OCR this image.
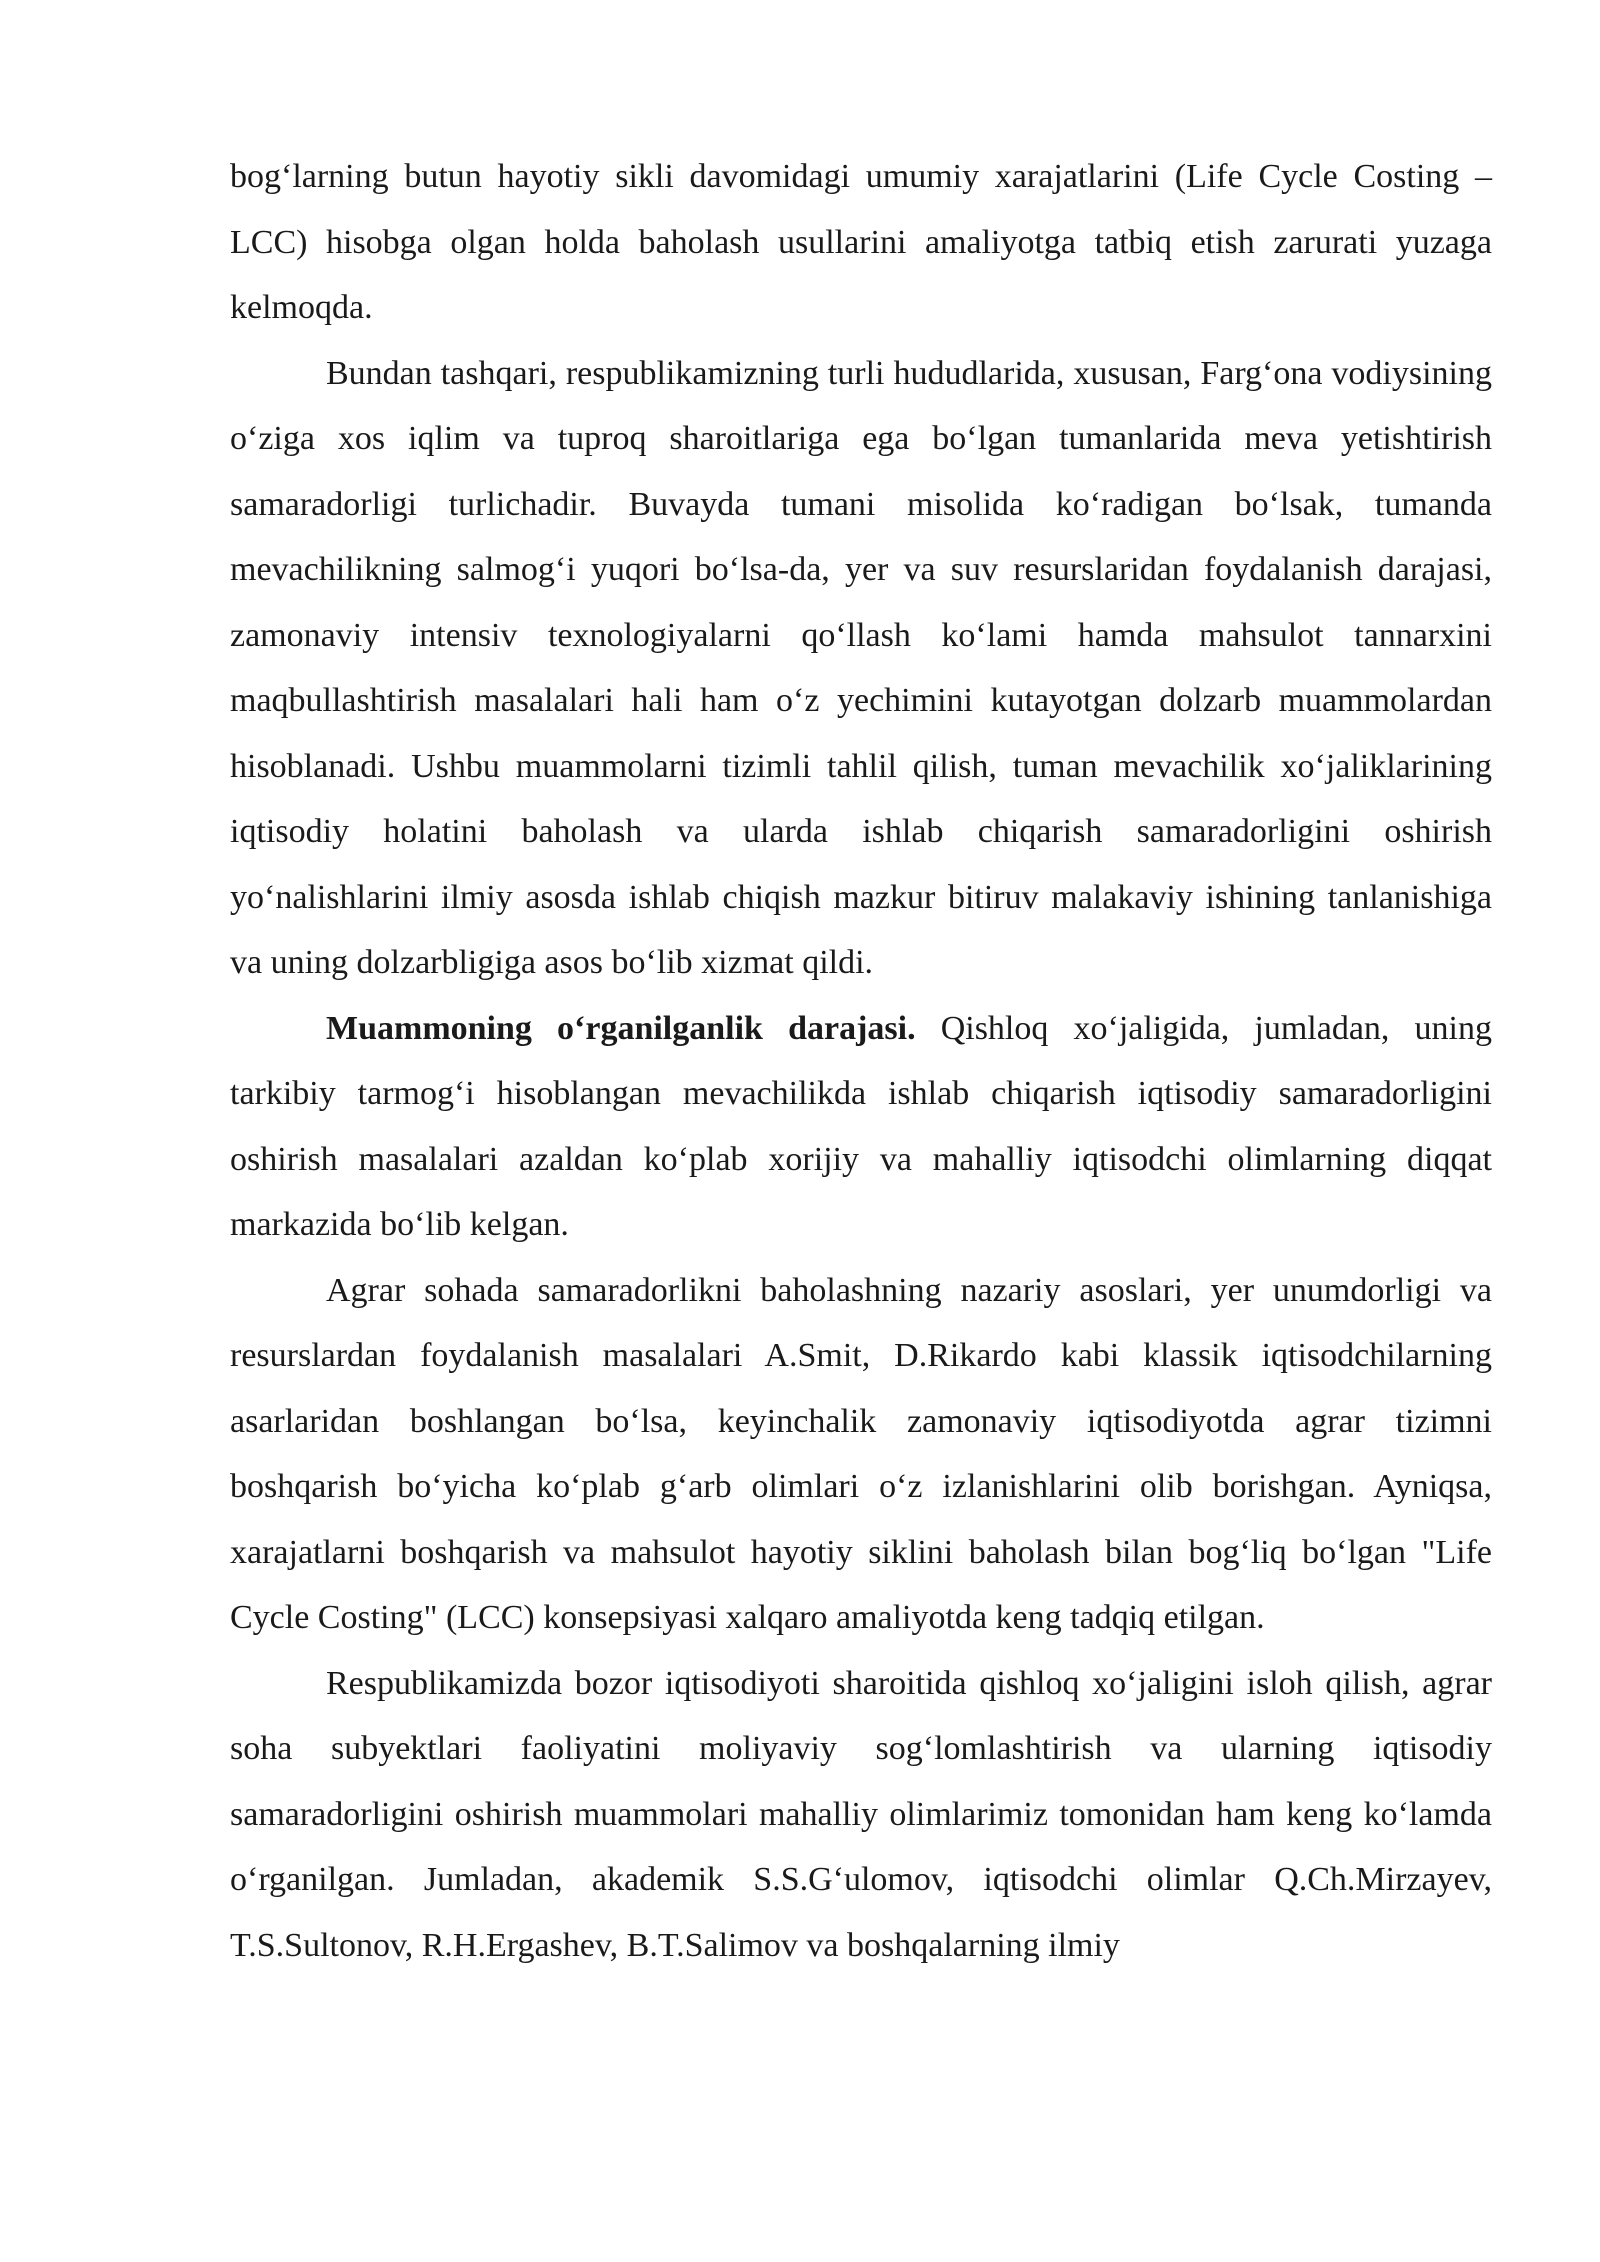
bog‘larning butun hayotiy sikli davomidagi umumiy xarajatlarini (Life Cycle Costing – LCC) hisobga olgan holda baholash usullarini amaliyotga tatbiq etish zarurati yuzaga kelmoqda.

Bundan tashqari, respublikamizning turli hududlarida, xususan, Farg‘ona vodiysining o‘ziga xos iqlim va tuproq sharoitlariga ega bo‘lgan tumanlarida meva yetishtirish samaradorligi turlichadir. Buvayda tumani misolida ko‘radigan bo‘lsak, tumanda mevachilikning salmog‘i yuqori bo‘lsa-da, yer va suv resurslaridan foydalanish darajasi, zamonaviy intensiv texnologiyalarni qo‘llash ko‘lami hamda mahsulot tannarxini maqbullashtirish masalalari hali ham o‘z yechimini kutayotgan dolzarb muammolardan hisoblanadi. Ushbu muammolarni tizimli tahlil qilish, tuman mevachilik xo‘jaliklarining iqtisodiy holatini baholash va ularda ishlab chiqarish samaradorligini oshirish yo‘nalishlarini ilmiy asosda ishlab chiqish mazkur bitiruv malakaviy ishining tanlanishiga va uning dolzarbligiga asos bo‘lib xizmat qildi.

Muammoning o‘rganilganlik darajasi. Qishloq xo‘jaligida, jumladan, uning tarkibiy tarmog‘i hisoblangan mevachilikda ishlab chiqarish iqtisodiy samaradorligini oshirish masalalari azaldan ko‘plab xorijiy va mahalliy iqtisodchi olimlarning diqqat markazida bo‘lib kelgan.

Agrar sohada samaradorlikni baholashning nazariy asoslari, yer unumdorligi va resurslardan foydalanish masalalari A.Smit, D.Rikardo kabi klassik iqtisodchilarning asarlaridan boshlangan bo‘lsa, keyinchalik zamonaviy iqtisodiyotda agrar tizimni boshqarish bo‘yicha ko‘plab g‘arb olimlari o‘z izlanishlarini olib borishgan. Ayniqsa, xarajatlarni boshqarish va mahsulot hayotiy siklini baholash bilan bog‘liq bo‘lgan "Life Cycle Costing" (LCC) konsepsiyasi xalqaro amaliyotda keng tadqiq etilgan.

Respublikamizda bozor iqtisodiyoti sharoitida qishloq xo‘jaligini isloh qilish, agrar soha subyektlari faoliyatini moliyaviy sog‘lomlashtirish va ularning iqtisodiy samaradorligini oshirish muammolari mahalliy olimlarimiz tomonidan ham keng ko‘lamda o‘rganilgan. Jumladan, akademik S.S.G‘ulomov, iqtisodchi olimlar Q.Ch.Mirzayev, T.S.Sultonov, R.H.Ergashev, B.T.Salimov va boshqalarning ilmiy
